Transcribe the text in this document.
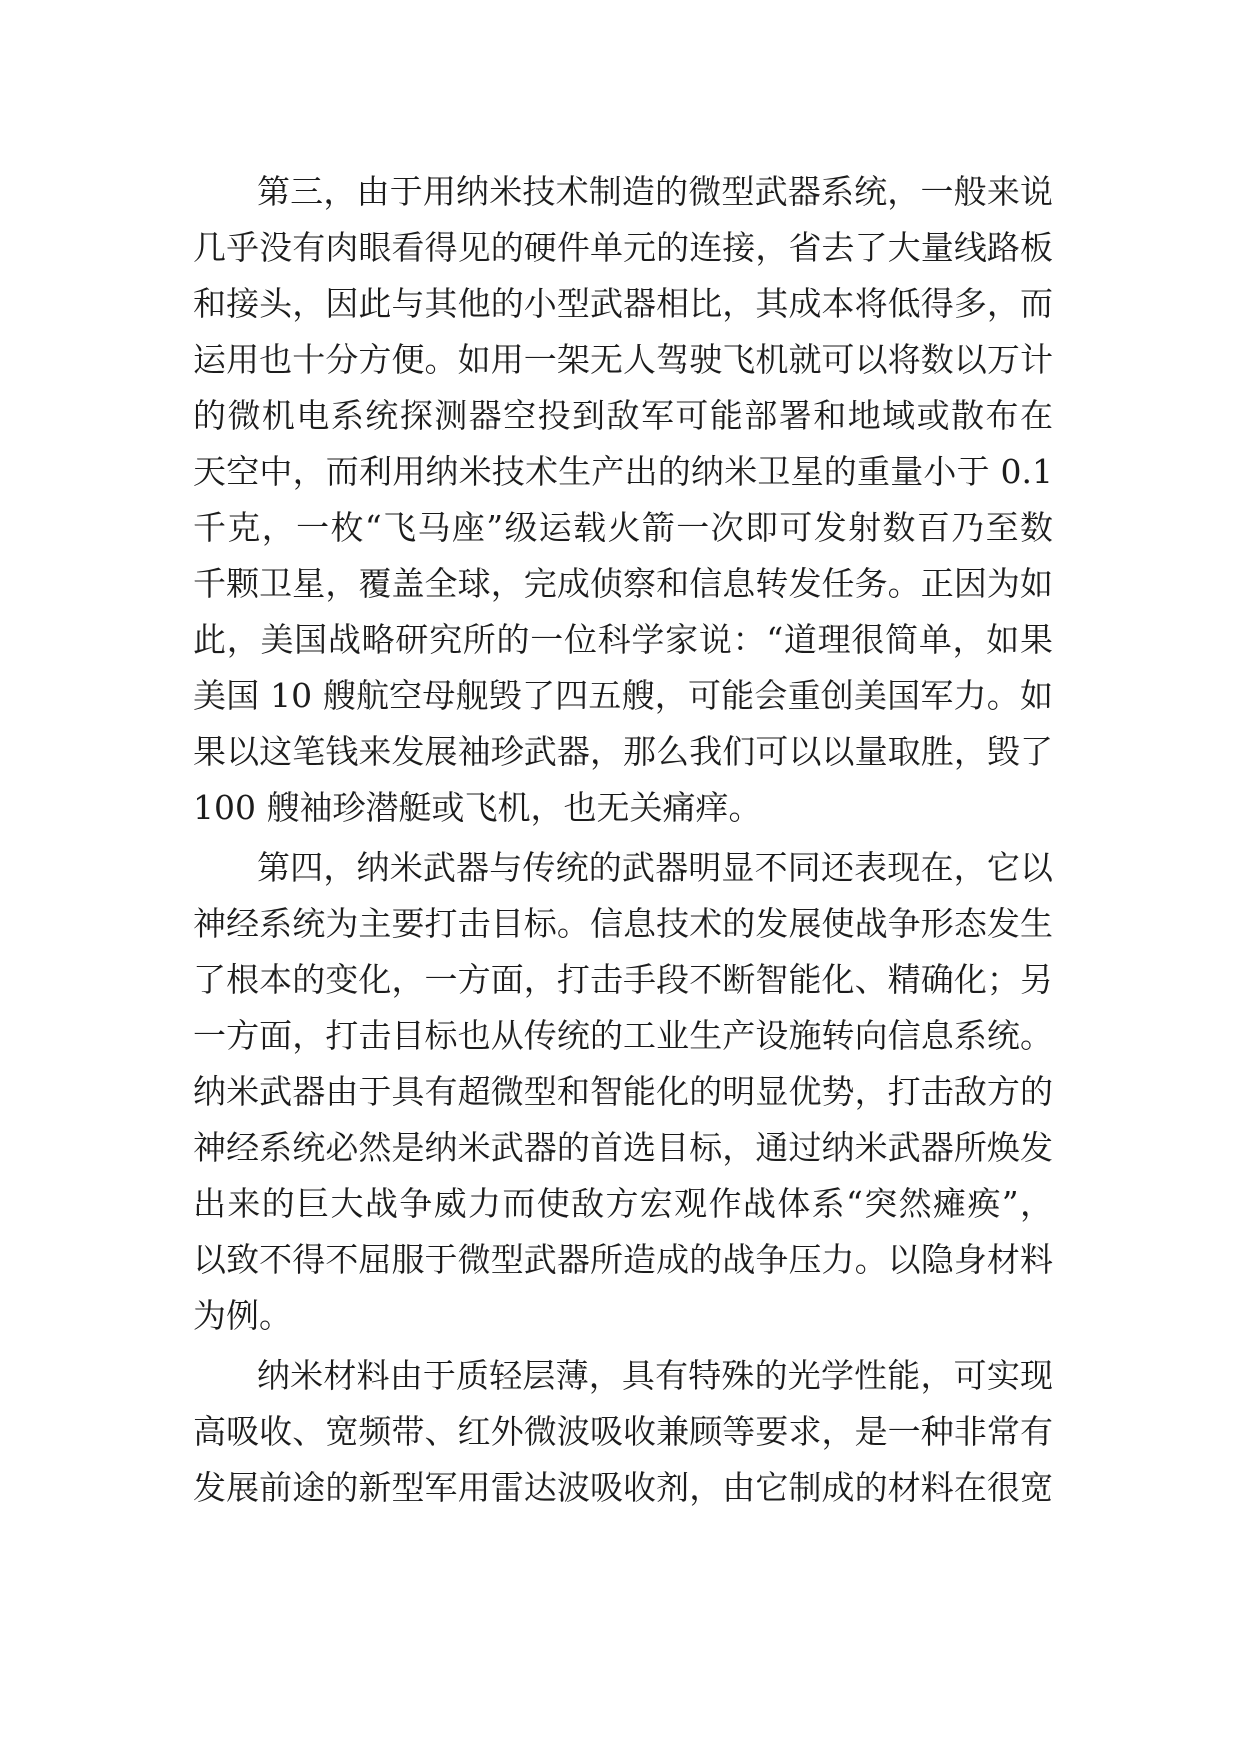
第三，由于用纳米技术制造的微型武器系统，一般来说
几乎没有肉眼看得见的硬件单元的连接，省去了大量线路板
和接头，因此与其他的小型武器相比，其成本将低得多，而
运用也十分方便。如用一架无人驾驶飞机就可以将数以万计
的微机电系统探测器空投到敌军可能部署和地域或散布在
天空中，而利用纳米技术生产出的纳米卫星的重量小于 0.1
千克，一枚“飞马座”级运载火箭一次即可发射数百乃至数
千颗卫星，覆盖全球，完成侦察和信息转发任务。正因为如
此，美国战略研究所的一位科学家说：“道理很简单，如果
美国 10 艘航空母舰毁了四五艘，可能会重创美国军力。如
果以这笔钱来发展袖珍武器，那么我们可以以量取胜，毁了
100 艘袖珍潜艇或飞机，也无关痛痒。
第四，纳米武器与传统的武器明显不同还表现在，它以
神经系统为主要打击目标。信息技术的发展使战争形态发生
了根本的变化，一方面，打击手段不断智能化、精确化；另
一方面，打击目标也从传统的工业生产设施转向信息系统。
纳米武器由于具有超微型和智能化的明显优势，打击敌方的
神经系统必然是纳米武器的首选目标，通过纳米武器所焕发
出来的巨大战争威力而使敌方宏观作战体系“突然瘫痪”，
以致不得不屈服于微型武器所造成的战争压力。以隐身材料
为例。
纳米材料由于质轻层薄，具有特殊的光学性能，可实现
高吸收、宽频带、红外微波吸收兼顾等要求，是一种非常有
发展前途的新型军用雷达波吸收剂，由它制成的材料在很宽
